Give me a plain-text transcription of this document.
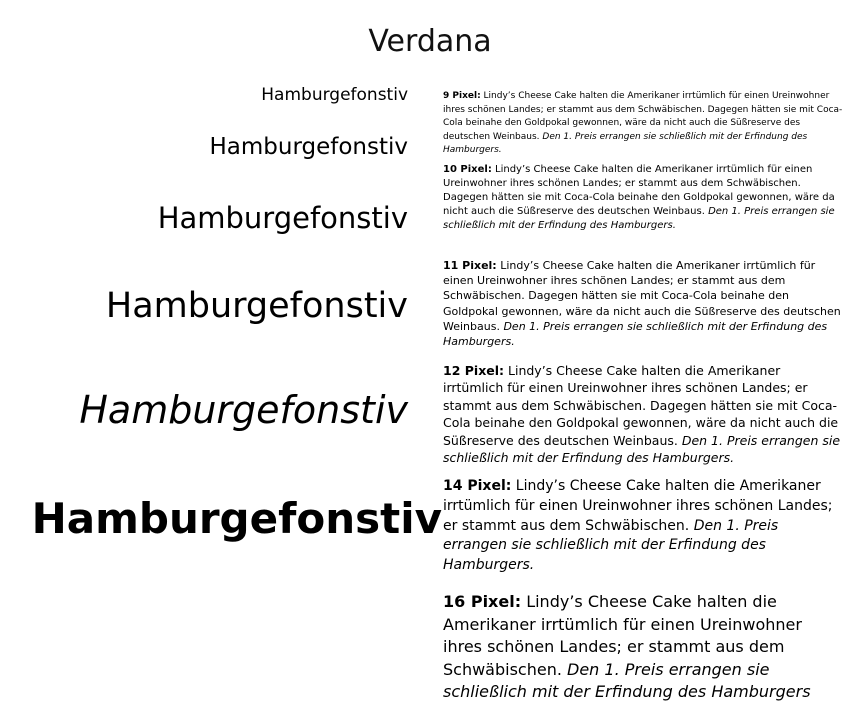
Verdana
Hamburgefonstiv
Hamburgefonstiv
Hamburgefonstiv
Hamburgefonstiv
Hamburgefonstiv
Hamburgefonstiv

9 Pixel: Lindy’s Cheese Cake halten die Amerikaner irrtümlich für einen Ureinwohner ihres schönen Landes; er stammt aus dem Schwäbischen. Dagegen hätten sie mit Coca-Cola beinahe den Goldpokal gewonnen, wäre da nicht auch die Süßreserve des deutschen Weinbaus. Den 1. Preis errangen sie schließlich mit der Erfindung des Hamburgers.

10 Pixel: Lindy’s Cheese Cake halten die Amerikaner irrtümlich für einen Ureinwohner ihres schönen Landes; er stammt aus dem Schwäbischen. Dagegen hätten sie mit Coca-Cola beinahe den Goldpokal gewonnen, wäre da nicht auch die Süßreserve des deutschen Weinbaus. Den 1. Preis errangen sie schließlich mit der Erfindung des Hamburgers.

11 Pixel: Lindy’s Cheese Cake halten die Amerikaner irrtümlich für einen Ureinwohner ihres schönen Landes; er stammt aus dem Schwäbischen. Dagegen hätten sie mit Coca-Cola beinahe den Goldpokal gewonnen, wäre da nicht auch die Süßreserve des deutschen Weinbaus. Den 1. Preis errangen sie schließlich mit der Erfindung des Hamburgers.

12 Pixel: Lindy’s Cheese Cake halten die Amerikaner irrtümlich für einen Ureinwohner ihres schönen Landes; er stammt aus dem Schwäbischen. Dagegen hätten sie mit Coca-Cola beinahe den Goldpokal gewonnen, wäre da nicht auch die Süßreserve des deutschen Weinbaus. Den 1. Preis errangen sie schließlich mit der Erfindung des Hamburgers.

14 Pixel: Lindy’s Cheese Cake halten die Amerikaner irrtümlich für einen Ureinwohner ihres schönen Landes; er stammt aus dem Schwäbischen. Den 1. Preis errangen sie schließlich mit der Erfindung des Hamburgers.

16 Pixel: Lindy’s Cheese Cake halten die Amerikaner irrtümlich für einen Ureinwohner ihres schönen Landes; er stammt aus dem Schwäbischen. Den 1. Preis errangen sie schließlich mit der Erfindung des Hamburgers
